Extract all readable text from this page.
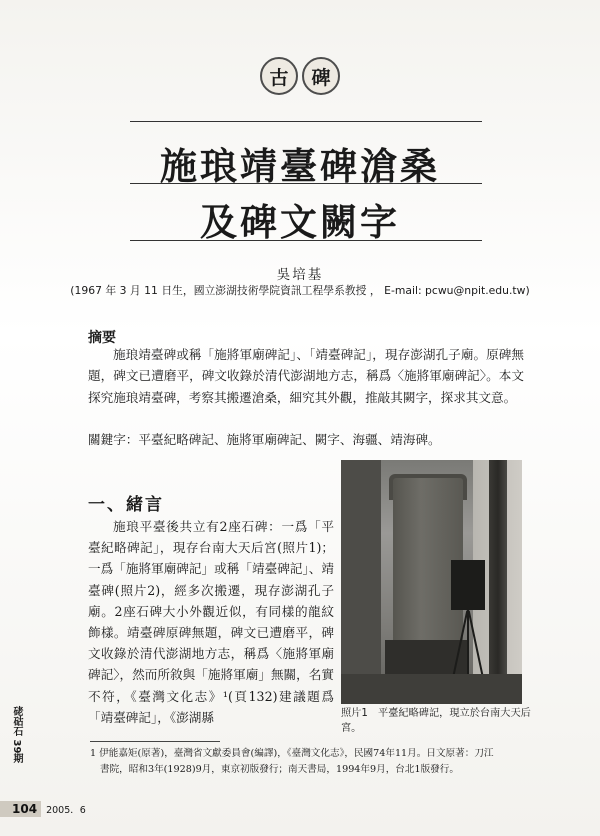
古	碑
施琅靖臺碑滄桑
及碑文闕字
吳培基
(1967 年 3 月 11 日生，國立澎湖技術學院資訊工程學系教授 ， E-mail: pcwu@npit.edu.tw)
摘要
施琅靖臺碑或稱「施將軍廟碑記」、「靖臺碑記」，現存澎湖孔子廟。原碑無題，碑文已遭磨平，碑文收錄於清代澎湖地方志，稱爲〈施將軍廟碑記〉。本文探究施琅靖臺碑，考察其搬遷滄桑，細究其外觀，推敲其闕字，探求其文意。
關鍵字：平臺紀略碑記、施將軍廟碑記、闕字、海疆、靖海碑。
照片1　平臺紀略碑記，現立於台南大天后宮。
一、緒言
施琅平臺後共立有2座石碑：一爲「平臺紀略碑記」，現存台南大天后宮(照片1)；一爲「施將軍廟碑記」或稱「靖臺碑記」、靖臺碑(照片2)，經多次搬遷，現存澎湖孔子廟。2座石碑大小外觀近似，有同樣的龍紋飾樣。靖臺碑原碑無題，碑文已遭磨平，碑文收錄於清代澎湖地方志，稱爲〈施將軍廟碑記〉，然而所敘與「施將軍廟」無關，名實不符，《臺灣文化志》¹(頁132)建議題爲「靖臺碑記」，《澎湖縣
1 伊能嘉矩(原著)，臺灣省文獻委員會(編譯)，《臺灣文化志》，民國74年11月。日文原著：刀江
書院，昭和3年(1928)9月，東京初版發行；南天書局，1994年9月，台北1版發行。
硓𥑮石 39期
104 2005．6
